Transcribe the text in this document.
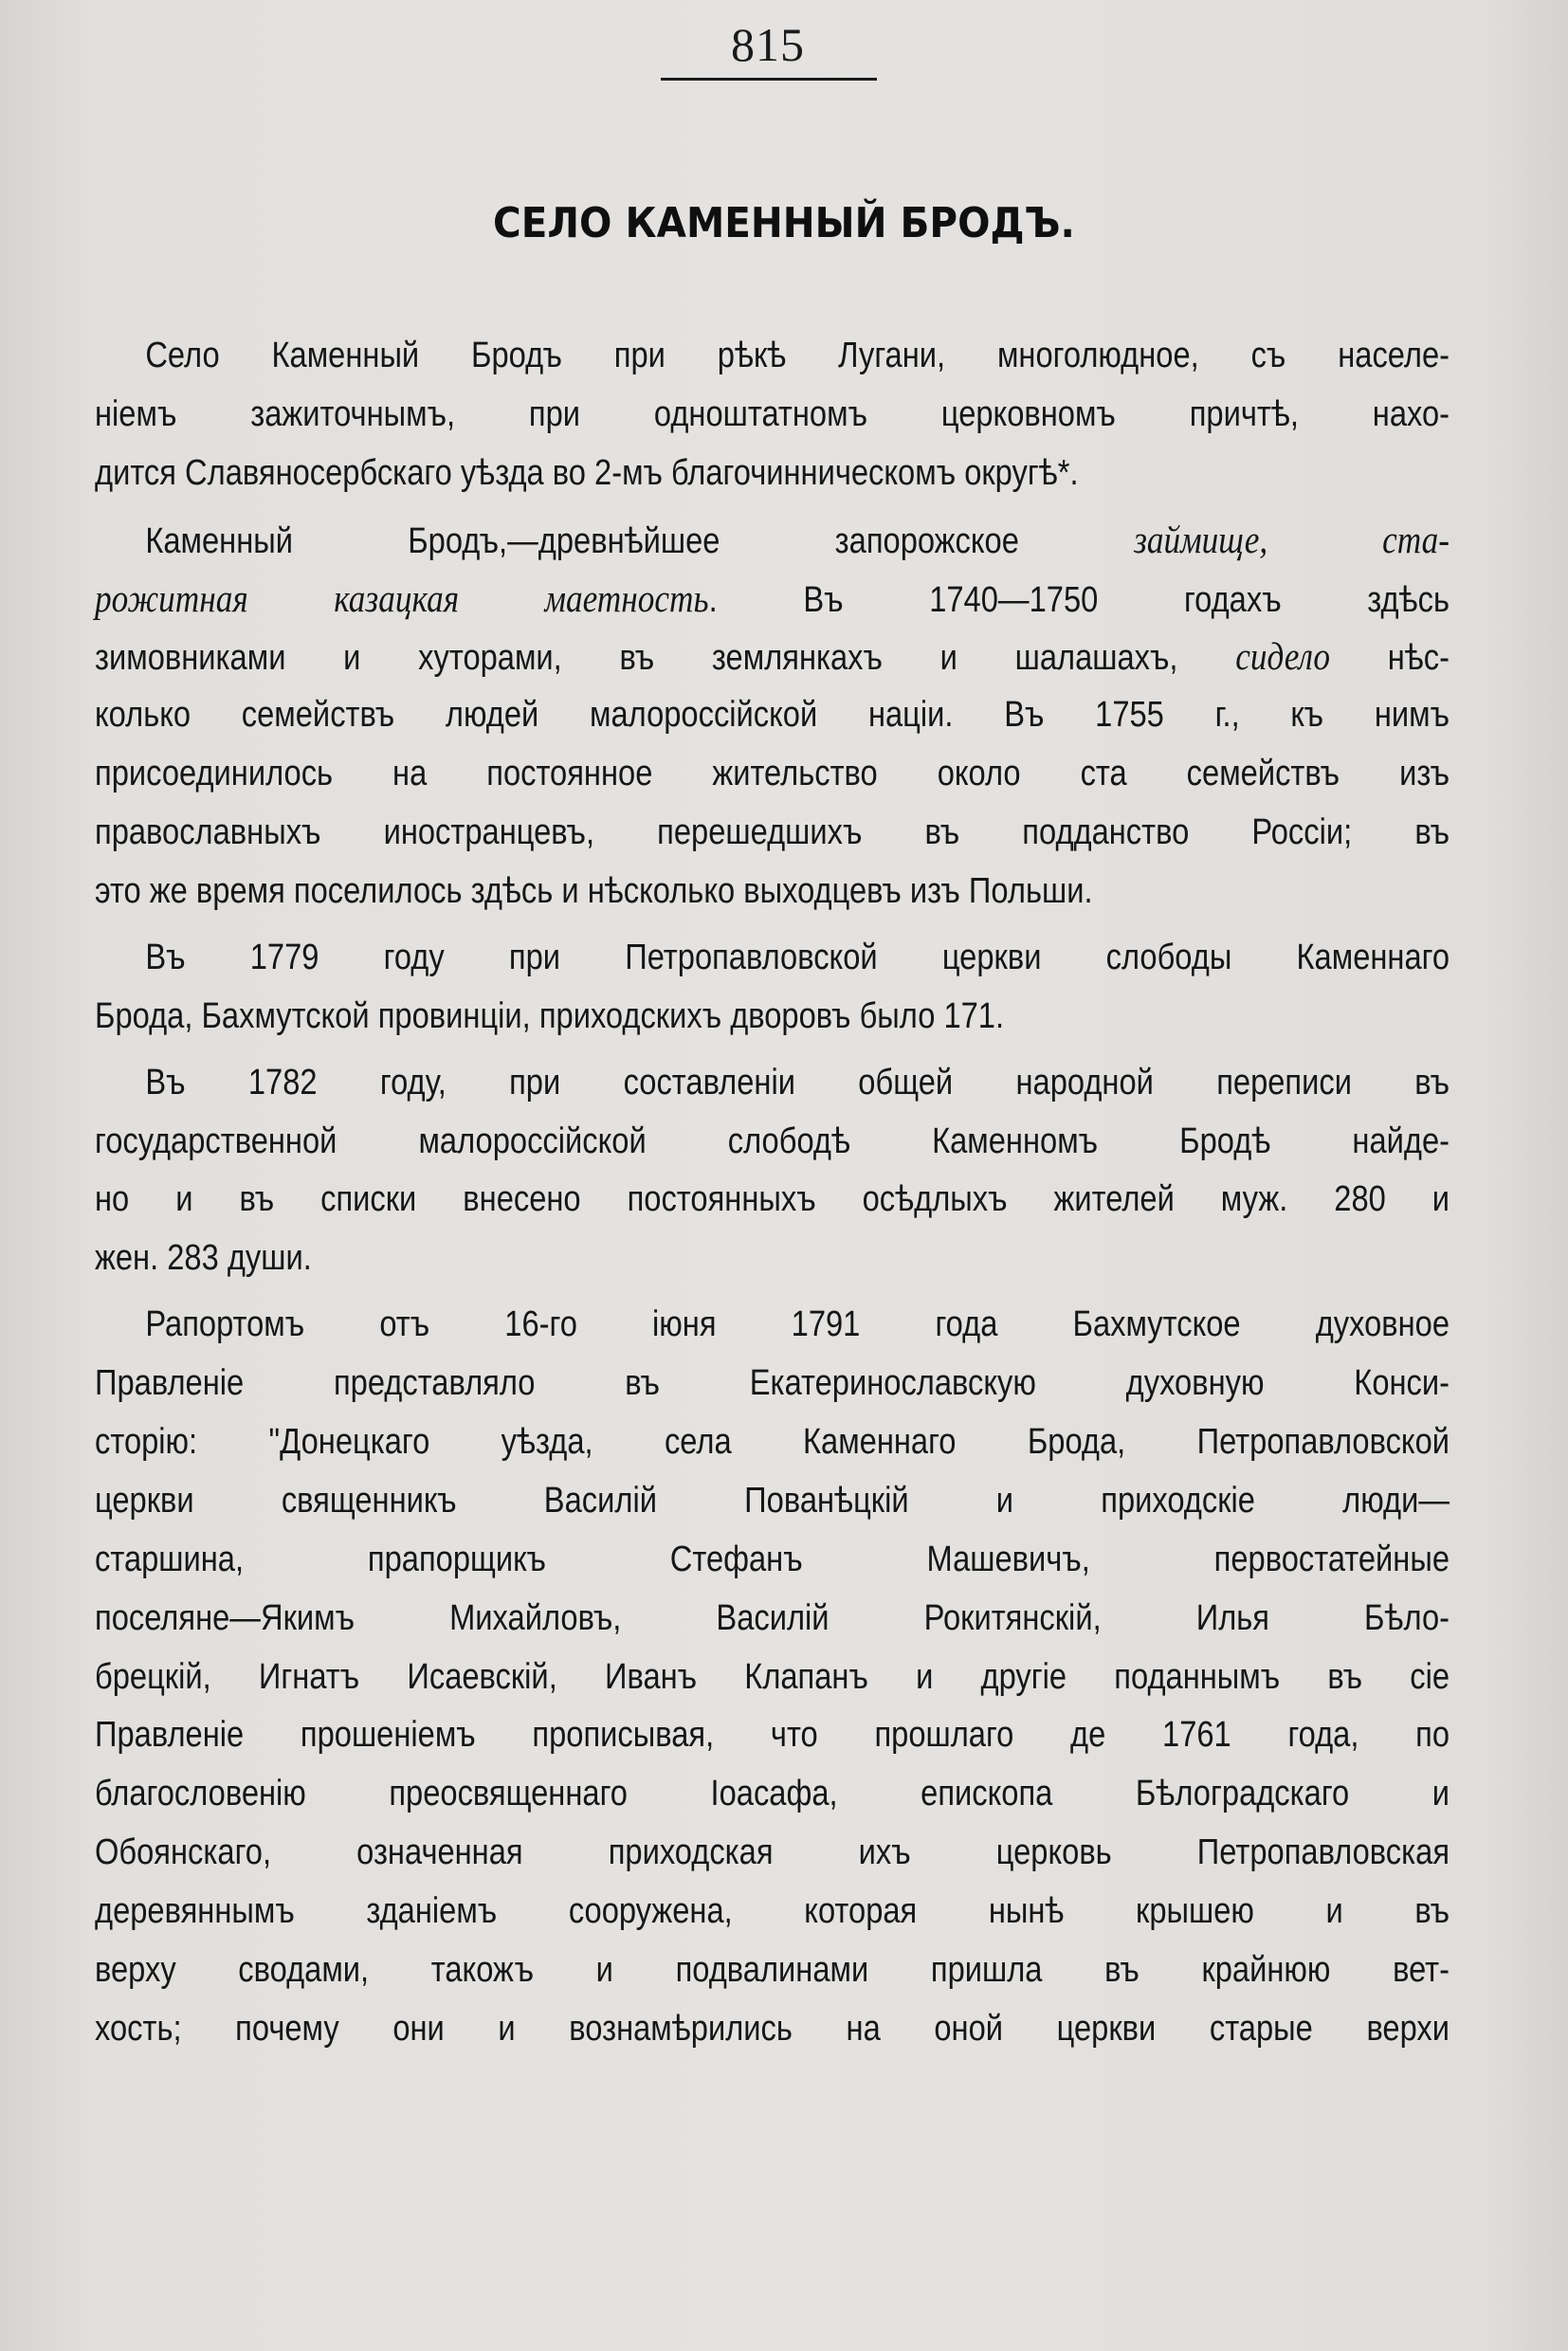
815
СЕЛО КАМЕННЫЙ БРОДЪ.
Село Каменный Бродъ при рѣкѣ Лугани, многолюдное, съ населе-
ніемъ зажиточнымъ, при одноштатномъ церковномъ причтѣ, нахо-
дится Славяносербскаго уѣзда во 2-мъ благочинническомъ округѣ*.
Каменный Бродъ,—древнѣйшее запорожское займище, ста-
рожитная казацкая маетность. Въ 1740—1750 годахъ здѣсь
зимовниками и хуторами, въ землянкахъ и шалашахъ, сидело нѣс-
колько семействъ людей малороссійской націи. Въ 1755 г., къ нимъ
присоединилось на постоянное жительство около ста семействъ изъ
православныхъ иностранцевъ, перешедшихъ въ подданство Россіи; въ
это же время поселилось здѣсь и нѣсколько выходцевъ изъ Польши.
Въ 1779 году при Петропавловской церкви слободы Каменнаго
Брода, Бахмутской провинціи, приходскихъ дворовъ было 171.
Въ 1782 году, при составленіи общей народной переписи въ
государственной малороссійской слободѣ Каменномъ Бродѣ найде-
но и въ списки внесено постоянныхъ осѣдлыхъ жителей муж. 280 и
жен. 283 души.
Рапортомъ отъ 16-го іюня 1791 года Бахмутское духовное
Правленіе представляло въ Екатеринославскую духовную Конси-
сторію: "Донецкаго уѣзда, села Каменнаго Брода, Петропавловской
церкви священникъ Василій Пованѣцкій и приходскіе люди—
старшина, прапорщикъ Стефанъ Машевичъ, первостатейные
поселяне—Якимъ Михайловъ, Василій Рокитянскій, Илья Бѣло-
брецкій, Игнатъ Исаевскій, Иванъ Клапанъ и другіе поданнымъ въ сіе
Правленіе прошеніемъ прописывая, что прошлаго де 1761 года, по
благословенію преосвященнаго Іоасафа, епископа Бѣлоградскаго и
Обоянскаго, означенная приходская ихъ церковь Петропавловская
деревяннымъ зданіемъ сооружена, которая нынѣ крышею и въ
верху сводами, такожъ и подвалинами пришла въ крайнюю вет-
хость; почему они и вознамѣрились на оной церкви старые верхи
